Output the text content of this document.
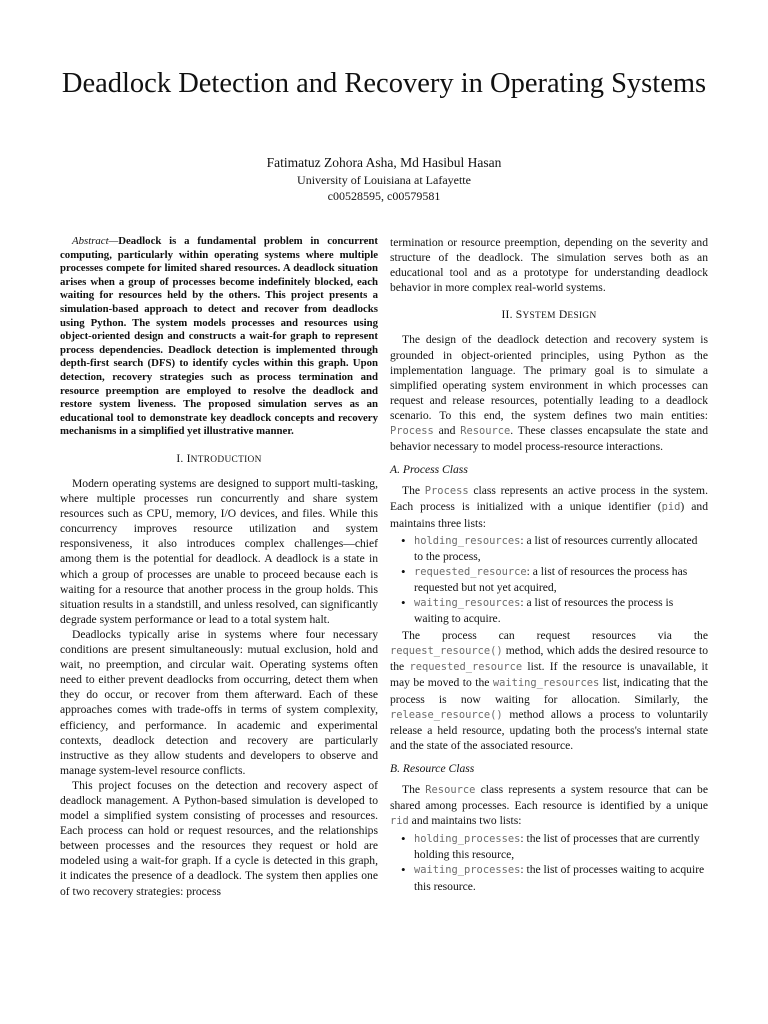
Deadlock Detection and Recovery in Operating Systems
Fatimatuz Zohora Asha, Md Hasibul Hasan
University of Louisiana at Lafayette
c00528595, c00579581

Abstract—Deadlock is a fundamental problem in concurrent computing, particularly within operating systems where multiple processes compete for limited shared resources. A deadlock situation arises when a group of processes become indefinitely blocked, each waiting for resources held by the others. This project presents a simulation-based approach to detect and recover from deadlocks using Python. The system models processes and resources using object-oriented design and constructs a wait-for graph to represent process dependencies. Deadlock detection is implemented through depth-first search (DFS) to identify cycles within this graph. Upon detection, recovery strategies such as process termination and resource preemption are employed to resolve the deadlock and restore system liveness. The proposed simulation serves as an educational tool to demonstrate key deadlock concepts and recovery mechanisms in a simplified yet illustrative manner.

I. INTRODUCTION

Modern operating systems are designed to support multi-tasking, where multiple processes run concurrently and share system resources such as CPU, memory, I/O devices, and files. While this concurrency improves resource utilization and system responsiveness, it also introduces complex challenges—chief among them is the potential for deadlock. A deadlock is a state in which a group of processes are unable to proceed because each is waiting for a resource that another process in the group holds. This situation results in a standstill, and unless resolved, can significantly degrade system performance or lead to a total system halt.

Deadlocks typically arise in systems where four necessary conditions are present simultaneously: mutual exclusion, hold and wait, no preemption, and circular wait. Operating systems often need to either prevent deadlocks from occurring, detect them when they do occur, or recover from them afterward. Each of these approaches comes with trade-offs in terms of system complexity, efficiency, and performance. In academic and experimental contexts, deadlock detection and recovery are particularly instructive as they allow students and developers to observe and manage system-level resource conflicts.

This project focuses on the detection and recovery aspect of deadlock management. A Python-based simulation is developed to model a simplified system consisting of processes and resources. Each process can hold or request resources, and the relationships between processes and the resources they request or hold are modeled using a wait-for graph. If a cycle is detected in this graph, it indicates the presence of a deadlock. The system then applies one of two recovery strategies: process

termination or resource preemption, depending on the severity and structure of the deadlock. The simulation serves both as an educational tool and as a prototype for understanding deadlock behavior in more complex real-world systems.

II. SYSTEM DESIGN

The design of the deadlock detection and recovery system is grounded in object-oriented principles, using Python as the implementation language. The primary goal is to simulate a simplified operating system environment in which processes can request and release resources, potentially leading to a deadlock scenario. To this end, the system defines two main entities: Process and Resource. These classes encapsulate the state and behavior necessary to model process-resource interactions.

A. Process Class

The Process class represents an active process in the system. Each process is initialized with a unique identifier (pid) and maintains three lists:

• holding_resources: a list of resources currently allocated to the process,
• requested_resource: a list of resources the process has requested but not yet acquired,
• waiting_resources: a list of resources the process is waiting to acquire.

The process can request resources via the request_resource() method, which adds the desired resource to the requested_resource list. If the resource is unavailable, it may be moved to the waiting_resources list, indicating that the process is now waiting for allocation. Similarly, the release_resource() method allows a process to voluntarily release a held resource, updating both the process's internal state and the state of the associated resource.

B. Resource Class

The Resource class represents a system resource that can be shared among processes. Each resource is identified by a unique rid and maintains two lists:

• holding_processes: the list of processes that are currently holding this resource,
• waiting_processes: the list of processes waiting to acquire this resource.
